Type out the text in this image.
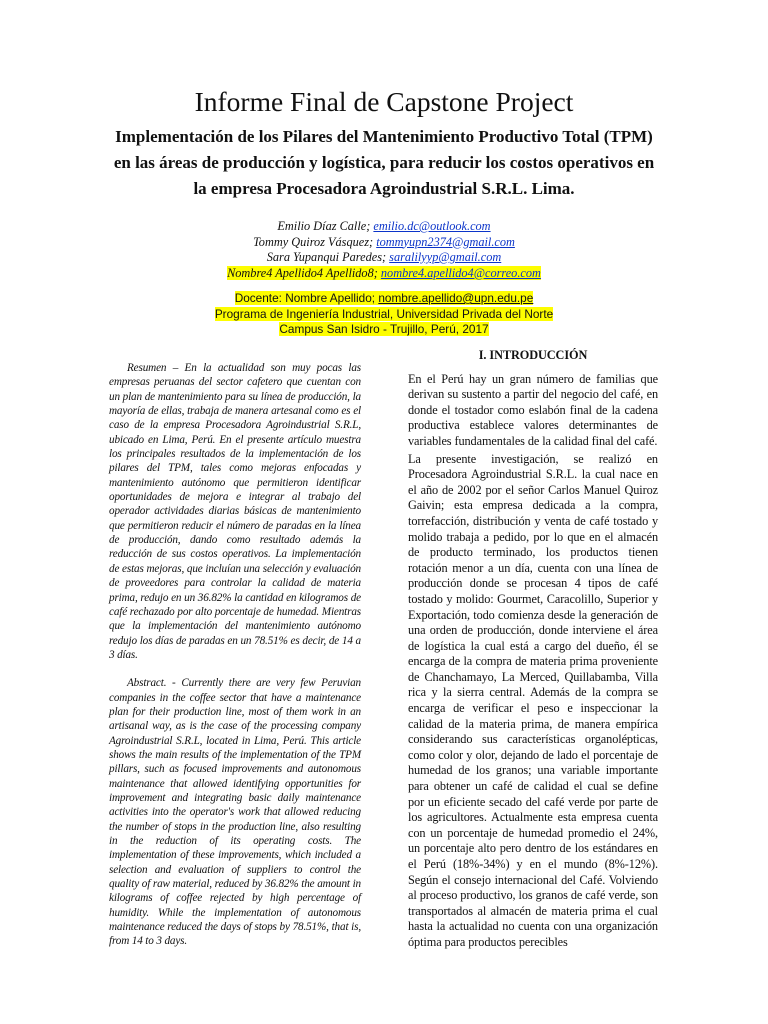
Informe Final de Capstone Project
Implementación de los Pilares del Mantenimiento Productivo Total (TPM)
en las áreas de producción y logística, para reducir los costos operativos en
la empresa Procesadora Agroindustrial S.R.L. Lima.
Emilio Díaz Calle; emilio.dc@outlook.com
Tommy Quiroz Vásquez; tommyupn2374@gmail.com
Sara Yupanqui Paredes; saralilyyp@gmail.com
Nombre4 Apellido4 Apellido8; nombre4.apellido4@correo.com
Docente: Nombre Apellido; nombre.apellido@upn.edu.pe
Programa de Ingeniería Industrial, Universidad Privada del Norte
Campus San Isidro - Trujillo, Perú, 2017

Resumen – En la actualidad son muy pocas las empresas peruanas del sector cafetero que cuentan con un plan de mantenimiento para su línea de producción, la mayoría de ellas, trabaja de manera artesanal como es el caso de la empresa Procesadora Agroindustrial S.R.L, ubicado en Lima, Perú. En el presente artículo muestra los principales resultados de la implementación de los pilares del TPM, tales como mejoras enfocadas y mantenimiento autónomo que permitieron identificar oportunidades de mejora e integrar al trabajo del operador actividades diarias básicas de mantenimiento que permitieron reducir el número de paradas en la línea de producción, dando como resultado además la reducción de sus costos operativos. La implementación de estas mejoras, que incluían una selección y evaluación de proveedores para controlar la calidad de materia prima, redujo en un 36.82% la cantidad en kilogramos de café rechazado por alto porcentaje de humedad. Mientras que la implementación del mantenimiento autónomo redujo los días de paradas en un 78.51% es decir, de 14 a 3 días.

Abstract. - Currently there are very few Peruvian companies in the coffee sector that have a maintenance plan for their production line, most of them work in an artisanal way, as is the case of the processing company Agroindustrial S.R.L, located in Lima, Perú. This article shows the main results of the implementation of the TPM pillars, such as focused improvements and autonomous maintenance that allowed identifying opportunities for improvement and integrating basic daily maintenance activities into the operator's work that allowed reducing the number of stops in the production line, also resulting in the reduction of its operating costs. The implementation of these improvements, which included a selection and evaluation of suppliers to control the quality of raw material, reduced by 36.82% the amount in kilograms of coffee rejected by high percentage of humidity. While the implementation of autonomous maintenance reduced the days of stops by 78.51%, that is, from 14 to 3 days.

I. INTRODUCCIÓN

En el Perú hay un gran número de familias que derivan su sustento a partir del negocio del café, en donde el tostador como eslabón final de la cadena productiva establece valores determinantes de variables fundamentales de la calidad final del café.

La presente investigación, se realizó en Procesadora Agroindustrial S.R.L. la cual nace en el año de 2002 por el señor Carlos Manuel Quiroz Gaivin; esta empresa dedicada a la compra, torrefacción, distribución y venta de café tostado y molido trabaja a pedido, por lo que en el almacén de producto terminado, los productos tienen rotación menor a un día, cuenta con una línea de producción donde se procesan 4 tipos de café tostado y molido: Gourmet, Caracolillo, Superior y Exportación, todo comienza desde la generación de una orden de producción, donde interviene el área de logística la cual está a cargo del dueño, él se encarga de la compra de materia prima proveniente de Chanchamayo, La Merced, Quillabamba, Villa rica y la sierra central. Además de la compra se encarga de verificar el peso e inspeccionar la calidad de la materia prima, de manera empírica considerando sus características organolépticas, como color y olor, dejando de lado el porcentaje de humedad de los granos; una variable importante para obtener un café de calidad el cual se define por un eficiente secado del café verde por parte de los agricultores. Actualmente esta empresa cuenta con un porcentaje de humedad promedio el 24%, un porcentaje alto pero dentro de los estándares en el Perú (18%-34%) y en el mundo (8%-12%). Según el consejo internacional del Café. Volviendo al proceso productivo, los granos de café verde, son transportados al almacén de materia prima el cual hasta la actualidad no cuenta con una organización óptima para productos perecibles
